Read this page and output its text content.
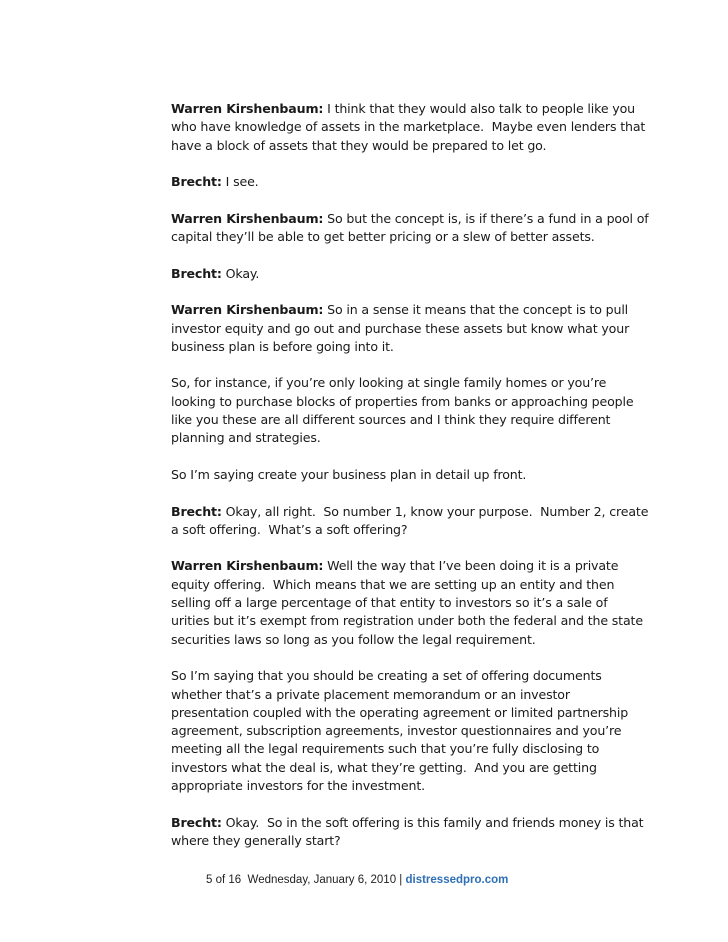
Warren Kirshenbaum: I think that they would also talk to people like you who have knowledge of assets in the marketplace.  Maybe even lenders that have a block of assets that they would be prepared to let go.

Brecht: I see.

Warren Kirshenbaum: So but the concept is, is if there’s a fund in a pool of capital they’ll be able to get better pricing or a slew of better assets.

Brecht: Okay.

Warren Kirshenbaum: So in a sense it means that the concept is to pull investor equity and go out and purchase these assets but know what your business plan is before going into it.

So, for instance, if you’re only looking at single family homes or you’re looking to purchase blocks of properties from banks or approaching people like you these are all different sources and I think they require different planning and strategies.

So I’m saying create your business plan in detail up front.

Brecht: Okay, all right.  So number 1, know your purpose.  Number 2, create a soft offering.  What’s a soft offering?

Warren Kirshenbaum: Well the way that I’ve been doing it is a private equity offering.  Which means that we are setting up an entity and then selling off a large percentage of that entity to investors so it’s a sale of     urities but it’s exempt from registration under both the federal and the state securities laws so long as you follow the legal requirement.

So I’m saying that you should be creating a set of offering documents whether that’s a private placement memorandum or an investor presentation coupled with the operating agreement or limited partnership agreement, subscription agreements, investor questionnaires and you’re meeting all the legal requirements such that you’re fully disclosing to investors what the deal is, what they’re getting.  And you are getting appropriate investors for the investment.

Brecht: Okay.  So in the soft offering is this family and friends money is that where they generally start?

5 of 16  Wednesday, January 6, 2010 | distressedpro.com
